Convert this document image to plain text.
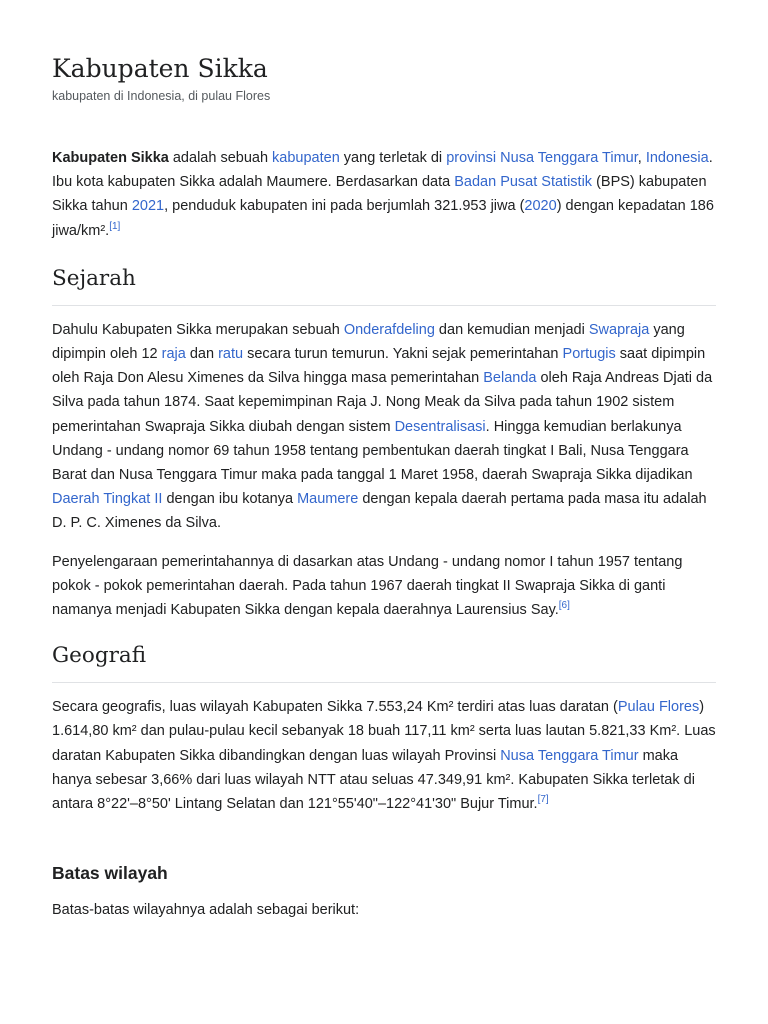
Kabupaten Sikka
kabupaten di Indonesia, di pulau Flores

Kabupaten Sikka adalah sebuah kabupaten yang terletak di provinsi Nusa Tenggara Timur, Indonesia. Ibu kota kabupaten Sikka adalah Maumere. Berdasarkan data Badan Pusat Statistik (BPS) kabupaten Sikka tahun 2021, penduduk kabupaten ini pada berjumlah 321.953 jiwa (2020) dengan kepadatan 186 jiwa/km².[1]

Sejarah

Dahulu Kabupaten Sikka merupakan sebuah Onderafdeling dan kemudian menjadi Swapraja yang dipimpin oleh 12 raja dan ratu secara turun temurun. Yakni sejak pemerintahan Portugis saat dipimpin oleh Raja Don Alesu Ximenes da Silva hingga masa pemerintahan Belanda oleh Raja Andreas Djati da Silva pada tahun 1874. Saat kepemimpinan Raja J. Nong Meak da Silva pada tahun 1902 sistem pemerintahan Swapraja Sikka diubah dengan sistem Desentralisasi. Hingga kemudian berlakunya Undang - undang nomor 69 tahun 1958 tentang pembentukan daerah tingkat I Bali, Nusa Tenggara Barat dan Nusa Tenggara Timur maka pada tanggal 1 Maret 1958, daerah Swapraja Sikka dijadikan Daerah Tingkat II dengan ibu kotanya Maumere dengan kepala daerah pertama pada masa itu adalah D. P. C. Ximenes da Silva.

Penyelengaraan pemerintahannya di dasarkan atas Undang - undang nomor I tahun 1957 tentang pokok - pokok pemerintahan daerah. Pada tahun 1967 daerah tingkat II Swapraja Sikka di ganti namanya menjadi Kabupaten Sikka dengan kepala daerahnya Laurensius Say.[6]

Geografi

Secara geografis, luas wilayah Kabupaten Sikka 7.553,24 Km² terdiri atas luas daratan (Pulau Flores) 1.614,80 km² dan pulau-pulau kecil sebanyak 18 buah 117,11 km² serta luas lautan 5.821,33 Km². Luas daratan Kabupaten Sikka dibandingkan dengan luas wilayah Provinsi Nusa Tenggara Timur maka hanya sebesar 3,66% dari luas wilayah NTT atau seluas 47.349,91 km². Kabupaten Sikka terletak di antara 8°22'–8°50' Lintang Selatan dan 121°55'40"–122°41'30" Bujur Timur.[7]

Batas wilayah

Batas-batas wilayahnya adalah sebagai berikut:
